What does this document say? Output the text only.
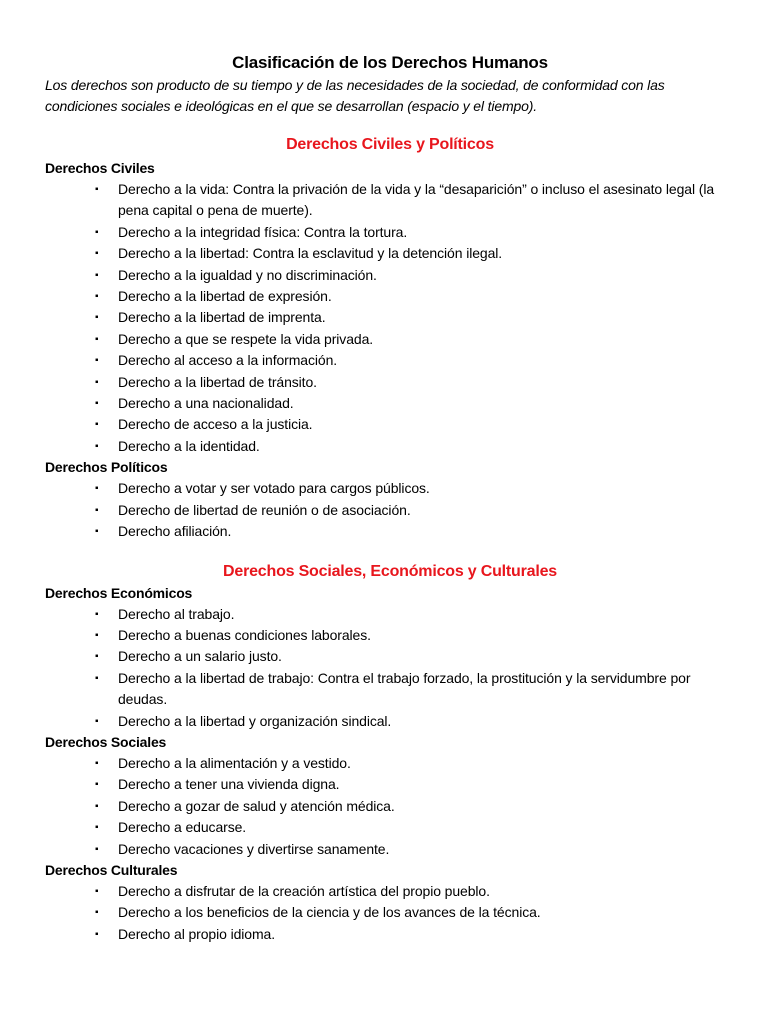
Clasificación de los Derechos Humanos

Los derechos son producto de su tiempo y de las necesidades de la sociedad, de conformidad con las condiciones sociales e ideológicas en el que se desarrollan (espacio y el tiempo).

Derechos Civiles y Políticos
Derechos Civiles
▪ Derecho a la vida: Contra la privación de la vida y la “desaparición” o incluso el asesinato legal (la pena capital o pena de muerte).
▪ Derecho a la integridad física: Contra la tortura.
▪ Derecho a la libertad: Contra la esclavitud y la detención ilegal.
▪ Derecho a la igualdad y no discriminación.
▪ Derecho a la libertad de expresión.
▪ Derecho a la libertad de imprenta.
▪ Derecho a que se respete la vida privada.
▪ Derecho al acceso a la información.
▪ Derecho a la libertad de tránsito.
▪ Derecho a una nacionalidad.
▪ Derecho de acceso a la justicia.
▪ Derecho a la identidad.
Derechos Políticos
▪ Derecho a votar y ser votado para cargos públicos.
▪ Derecho de libertad de reunión o de asociación.
▪ Derecho afiliación.
Derechos Sociales, Económicos y Culturales
Derechos Económicos
▪ Derecho al trabajo.
▪ Derecho a buenas condiciones laborales.
▪ Derecho a un salario justo.
▪ Derecho a la libertad de trabajo: Contra el trabajo forzado, la prostitución y la servidumbre por deudas.
▪ Derecho a la libertad y organización sindical.
Derechos Sociales
▪ Derecho a la alimentación y a vestido.
▪ Derecho a tener una vivienda digna.
▪ Derecho a gozar de salud y atención médica.
▪ Derecho a educarse.
▪ Derecho vacaciones y divertirse sanamente.
Derechos Culturales
▪ Derecho a disfrutar de la creación artística del propio pueblo.
▪ Derecho a los beneficios de la ciencia y de los avances de la técnica.
▪ Derecho al propio idioma.
